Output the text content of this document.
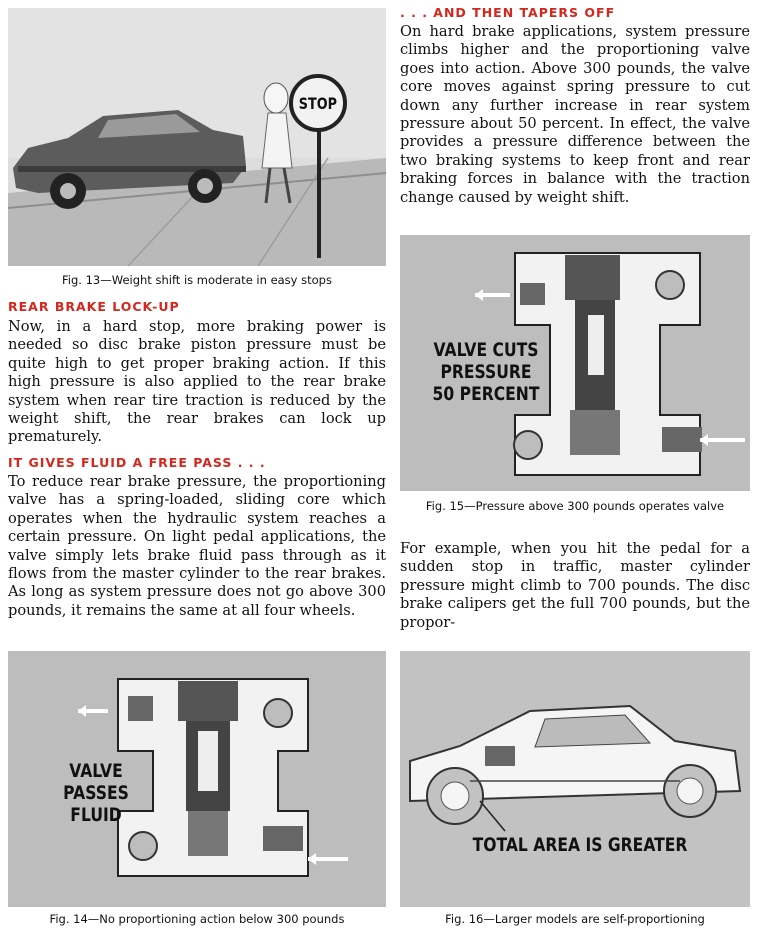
STOP
Fig. 13—Weight shift is moderate in easy stops
REAR BRAKE LOCK-UP
Now, in a hard stop, more braking power is needed so disc brake piston pressure must be quite high to get proper braking action. If this high pressure is also applied to the rear brake system when rear tire traction is reduced by the weight shift, the rear brakes can lock up prematurely.
IT GIVES FLUID A FREE PASS . . .
To reduce rear brake pressure, the proportioning valve has a spring-loaded, sliding core which operates when the hydraulic system reaches a certain pressure. On light pedal applications, the valve simply lets brake fluid pass through as it flows from the master cylinder to the rear brakes. As long as system pressure does not go above 300 pounds, it remains the same at all four wheels.
VALVE
PASSES
FLUID
Fig. 14—No proportioning action below 300 pounds
. . . AND THEN TAPERS OFF
On hard brake applications, system pressure climbs higher and the proportioning valve goes into action. Above 300 pounds, the valve core moves against spring pressure to cut down any further increase in rear system pressure about 50 percent. In effect, the valve provides a pressure difference between the two braking systems to keep front and rear braking forces in balance with the traction change caused by weight shift.
VALVE CUTS
PRESSURE
50 PERCENT
Fig. 15—Pressure above 300 pounds operates valve
For example, when you hit the pedal for a sudden stop in traffic, master cylinder pressure might climb to 700 pounds. The disc brake calipers get the full 700 pounds, but the propor-
TOTAL AREA IS GREATER
Fig. 16—Larger models are self-proportioning
